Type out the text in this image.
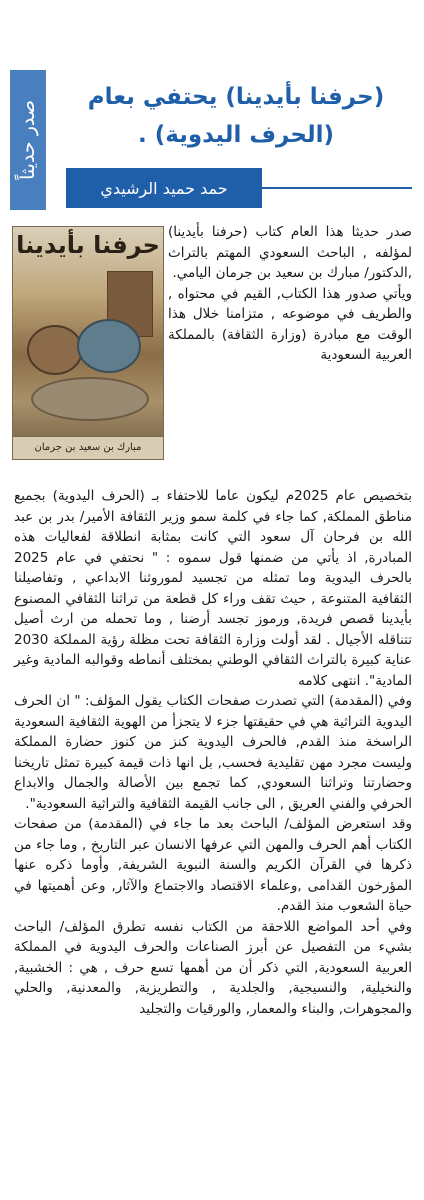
صدر حديثاً
(حرفنا بأيدينا) يحتفي بعام (الحرف اليدوية) .
حمد حميد الرشيدي
حرفنا بأيدينا
مبارك بن سعيد بن جرمان

صدر حديثا هذا العام كتاب (حرفنا بأيدينا) لمؤلفه , الباحث السعودي المهتم بالتراث ,الدكتور/ مبارك بن سعيد بن جرمان اليامي.

ويأتي صدور هذا الكتاب, القيم في محتواه , والطريف في موضوعه , متزامنا خلال هذا الوقت مع مبادرة (وزارة الثقافة) بالمملكة العربية السعودية

بتخصيص عام 2025م ليكون عاما للاحتفاء بـ (الحرف اليدوية) بجميع مناطق المملكة, كما جاء في كلمة سمو وزير الثقافة الأمير/ بدر بن عبد الله بن فرحان آل سعود التي كانت بمثابة انطلاقة لفعاليات هذه المبادرة, اذ يأتي من ضمنها قول سموه : " نحتفي في عام 2025 بالحرف اليدوية وما تمثله من تجسيد لموروثنا الابداعي , وتفاصيلنا الثقافية المتنوعة , حيث تقف وراء كل قطعة من تراثنا الثقافي المصنوع بأيدينا قصص فريدة, ورموز تجسد أرضنا , وما تحمله من ارث أصيل تتناقله الأجيال . لقد أولت وزارة الثقافة تحت مظلة رؤية المملكة 2030 عناية كبيرة بالتراث الثقافي الوطني بمختلف أنماطه وقوالبه المادية وغير المادية". انتهى كلامه

وفي (المقدمة) التي تصدرت صفحات الكتاب يقول المؤلف: " ان الحرف اليدوية التراثية هي في حقيقتها جزء لا يتجزأ من الهوية الثقافية السعودية الراسخة منذ القدم, فالحرف اليدوية كنز من كنوز حضارة المملكة وليست مجرد مهن تقليدية فحسب, بل انها ذات قيمة كبيرة تمثل تاريخنا وحضارتنا وتراثنا السعودي, كما تجمع بين الأصالة والجمال والابداع الحرفي والفني العريق , الى جانب القيمة الثقافية والتراثية السعودية".

وقد استعرض المؤلف/ الباحث بعد ما جاء في (المقدمة) من صفحات الكتاب أهم الحرف والمهن التي عرفها الانسان عبر التاريخ , وما جاء من ذكرها في القرآن الكريم والسنة النبوية الشريفة, وأوما ذكره عنها المؤرخون القدامى ,وعلماء الاقتصاد والاجتماع والآثار, وعن أهميتها في حياة الشعوب منذ القدم.

وفي أحد المواضع اللاحقة من الكتاب نفسه تطرق المؤلف/ الباحث بشيء من التفصيل عن أبرز الصناعات والحرف اليدوية في المملكة العربية السعودية, التي ذكر أن من أهمها تسع حرف , هي : الخشبية, والنخيلية, والنسيجية, والجلدية , والتطريزية, والمعدنية, والحلي والمجوهرات, والبناء والمعمار, والورقيات والتجليد
